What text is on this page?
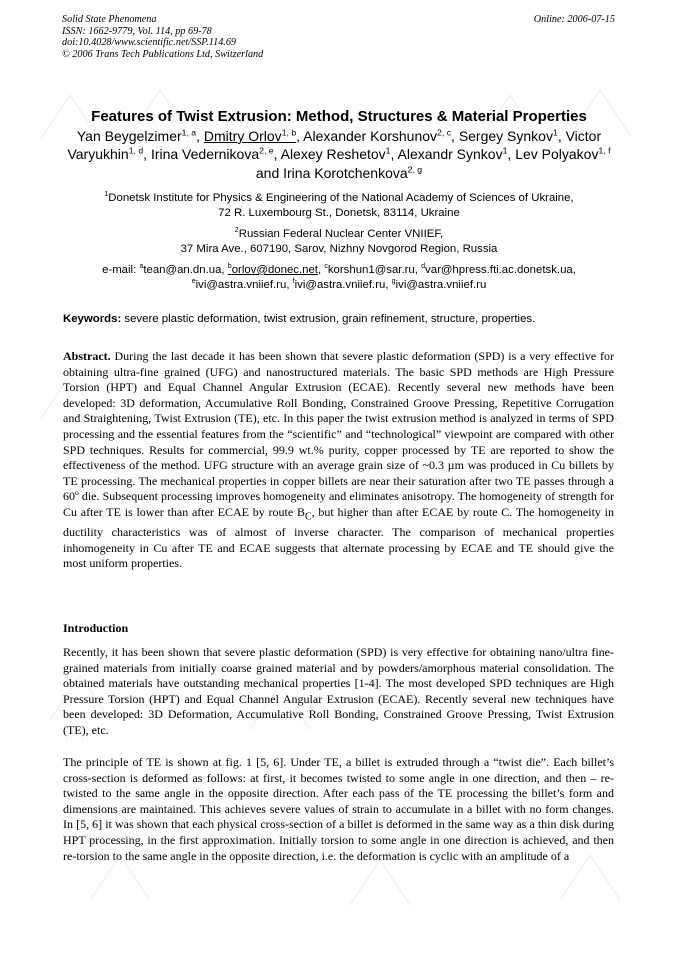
Solid State Phenomena
ISSN: 1662-9779, Vol. 114, pp 69-78
doi:10.4028/www.scientific.net/SSP.114.69
© 2006 Trans Tech Publications Ltd, Switzerland
Online: 2006-07-15
Features of Twist Extrusion: Method, Structures & Material Properties
Yan Beygelzimer$^{1, a}$, Dmitry Orlov$^{1, b}$, Alexander Korshunov$^{2, c}$, Sergey Synkov$^1$, Victor Varyukhin$^{1, d}$, Irina Vedernikova$^{2, e}$, Alexey Reshetov$^1$, Alexandr Synkov$^1$, Lev Polyakov$^{1, f}$ and Irina Korotchenkova$^{2, g}$
$^1$Donetsk Institute for Physics & Engineering of the National Academy of Sciences of Ukraine,
72 R. Luxembourg St., Donetsk, 83114, Ukraine
$^2$Russian Federal Nuclear Center VNIIEF,
37 Mira Ave., 607190, Sarov, Nizhny Novgorod Region, Russia
e-mail: $^a$tean@an.dn.ua, $^b$orlov@donec.net, $^c$korshun1@sar.ru, $^d$var@hpress.fti.ac.donetsk.ua,
$^e$ivi@astra.vniief.ru, $^f$ivi@astra.vniief.ru, $^g$ivi@astra.vniief.ru
Keywords: severe plastic deformation, twist extrusion, grain refinement, structure, properties.
Abstract. During the last decade it has been shown that severe plastic deformation (SPD) is a very effective for obtaining ultra-fine grained (UFG) and nanostructured materials. The basic SPD methods are High Pressure Torsion (HPT) and Equal Channel Angular Extrusion (ECAE). Recently several new methods have been developed: 3D deformation, Accumulative Roll Bonding, Constrained Groove Pressing, Repetitive Corrugation and Straightening, Twist Extrusion (TE), etc. In this paper the twist extrusion method is analyzed in terms of SPD processing and the essential features from the “scientific” and “technological” viewpoint are compared with other SPD techniques. Results for commercial, 99.9 wt.% purity, copper processed by TE are reported to show the effectiveness of the method. UFG structure with an average grain size of ~0.3 µm was produced in Cu billets by TE processing. The mechanical properties in copper billets are near their saturation after two TE passes through a 60º die. Subsequent processing improves homogeneity and eliminates anisotropy. The homogeneity of strength for Cu after TE is lower than after ECAE by route $B_C$, but higher than after ECAE by route C. The homogeneity in ductility characteristics was of almost of inverse character. The comparison of mechanical properties inhomogeneity in Cu after TE and ECAE suggests that alternate processing by ECAE and TE should give the most uniform properties.
Introduction
Recently, it has been shown that severe plastic deformation (SPD) is very effective for obtaining nano/ultra fine-grained materials from initially coarse grained material and by powders/amorphous material consolidation. The obtained materials have outstanding mechanical properties [1-4]. The most developed SPD techniques are High Pressure Torsion (HPT) and Equal Channel Angular Extrusion (ECAE). Recently several new techniques have been developed: 3D Deformation, Accumulative Roll Bonding, Constrained Groove Pressing, Twist Extrusion (TE), etc.
The principle of TE is shown at fig. 1 [5, 6]. Under TE, a billet is extruded through a “twist die”. Each billet’s cross-section is deformed as follows: at first, it becomes twisted to some angle in one direction, and then – re-twisted to the same angle in the opposite direction. After each pass of the TE processing the billet’s form and dimensions are maintained. This achieves severe values of strain to accumulate in a billet with no form changes. In [5, 6] it was shown that each physical cross-section of a billet is deformed in the same way as a thin disk during HPT processing, in the first approximation. Initially torsion to some angle in one direction is achieved, and then re-torsion to the same angle in the opposite direction, i.e. the deformation is cyclic with an amplitude of a
